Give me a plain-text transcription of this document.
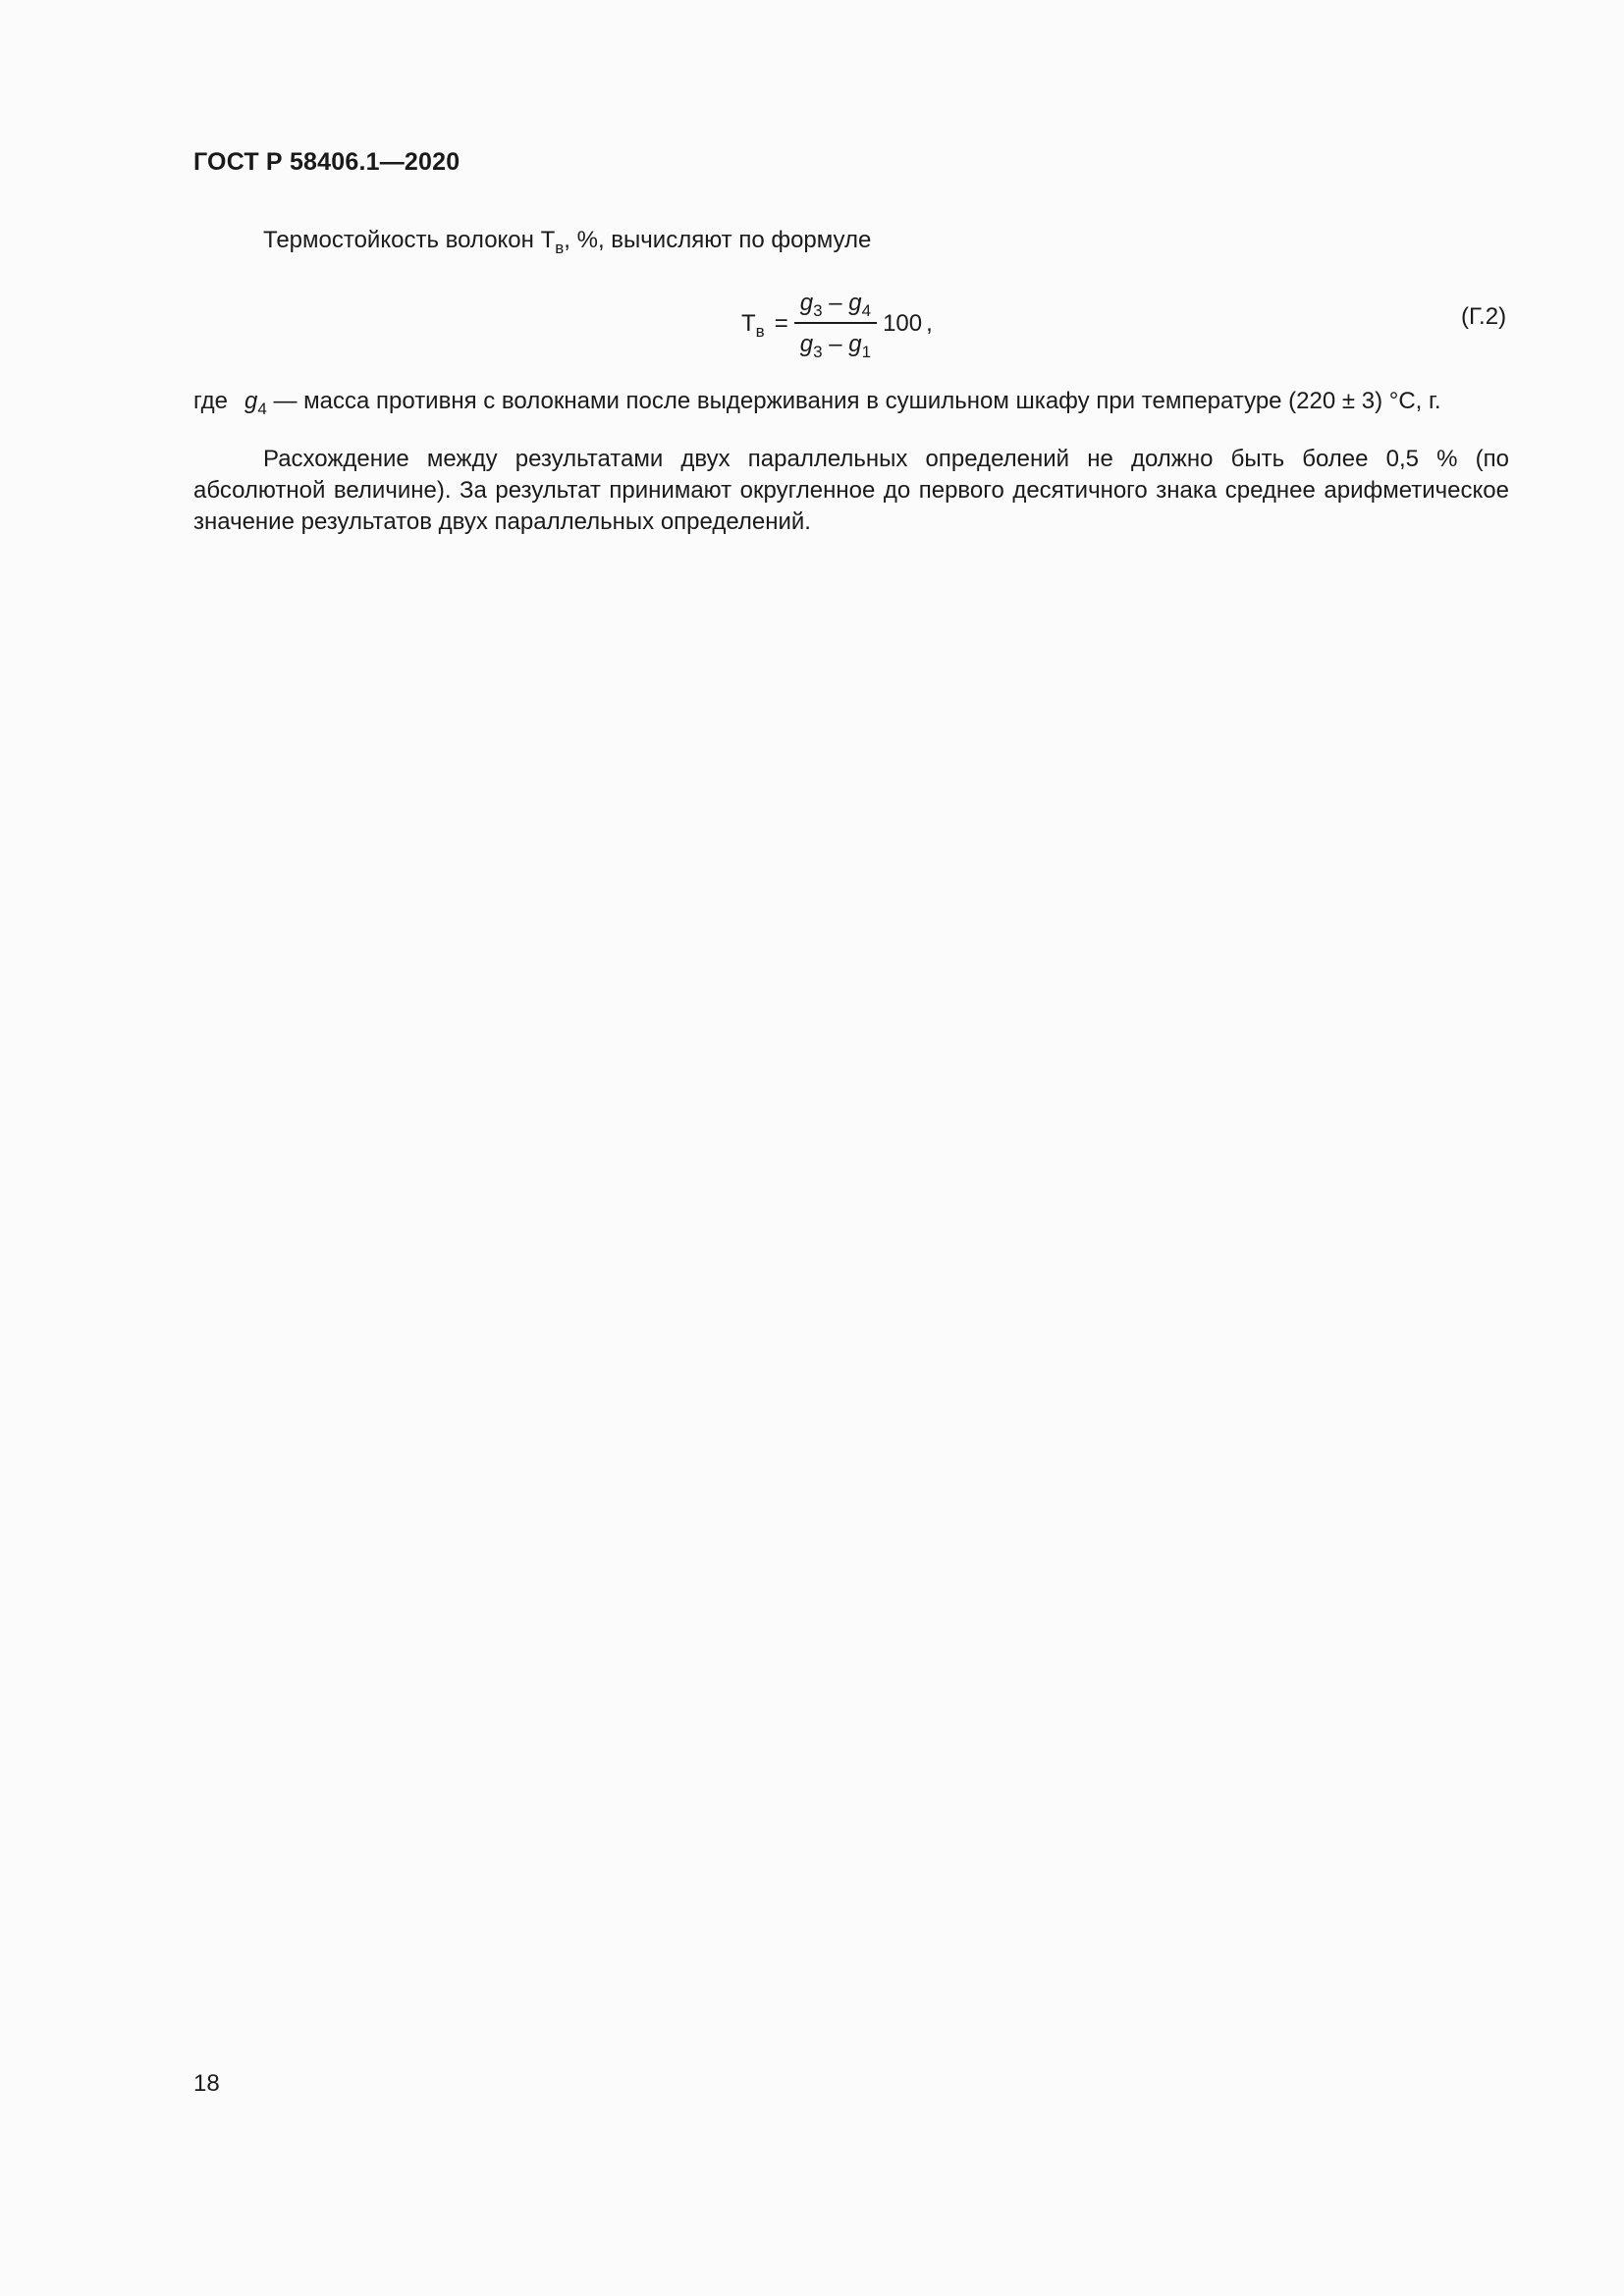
ГОСТ Р 58406.1—2020

Термостойкость волокон $Т_в$, %, вычисляют по формуле

$Т_в = \frac{g_3 - g_4}{g_3 - g_1} 100$ ,	(Г.2)

где $g_4$ — масса противня с волокнами после выдерживания в сушильном шкафу при температуре (220 ± 3) °С, г.

Расхождение между результатами двух параллельных определений не должно быть более 0,5 % (по абсолютной величине). За результат принимают округленное до первого десятичного знака среднее арифметическое значение результатов двух параллельных определений.

18
